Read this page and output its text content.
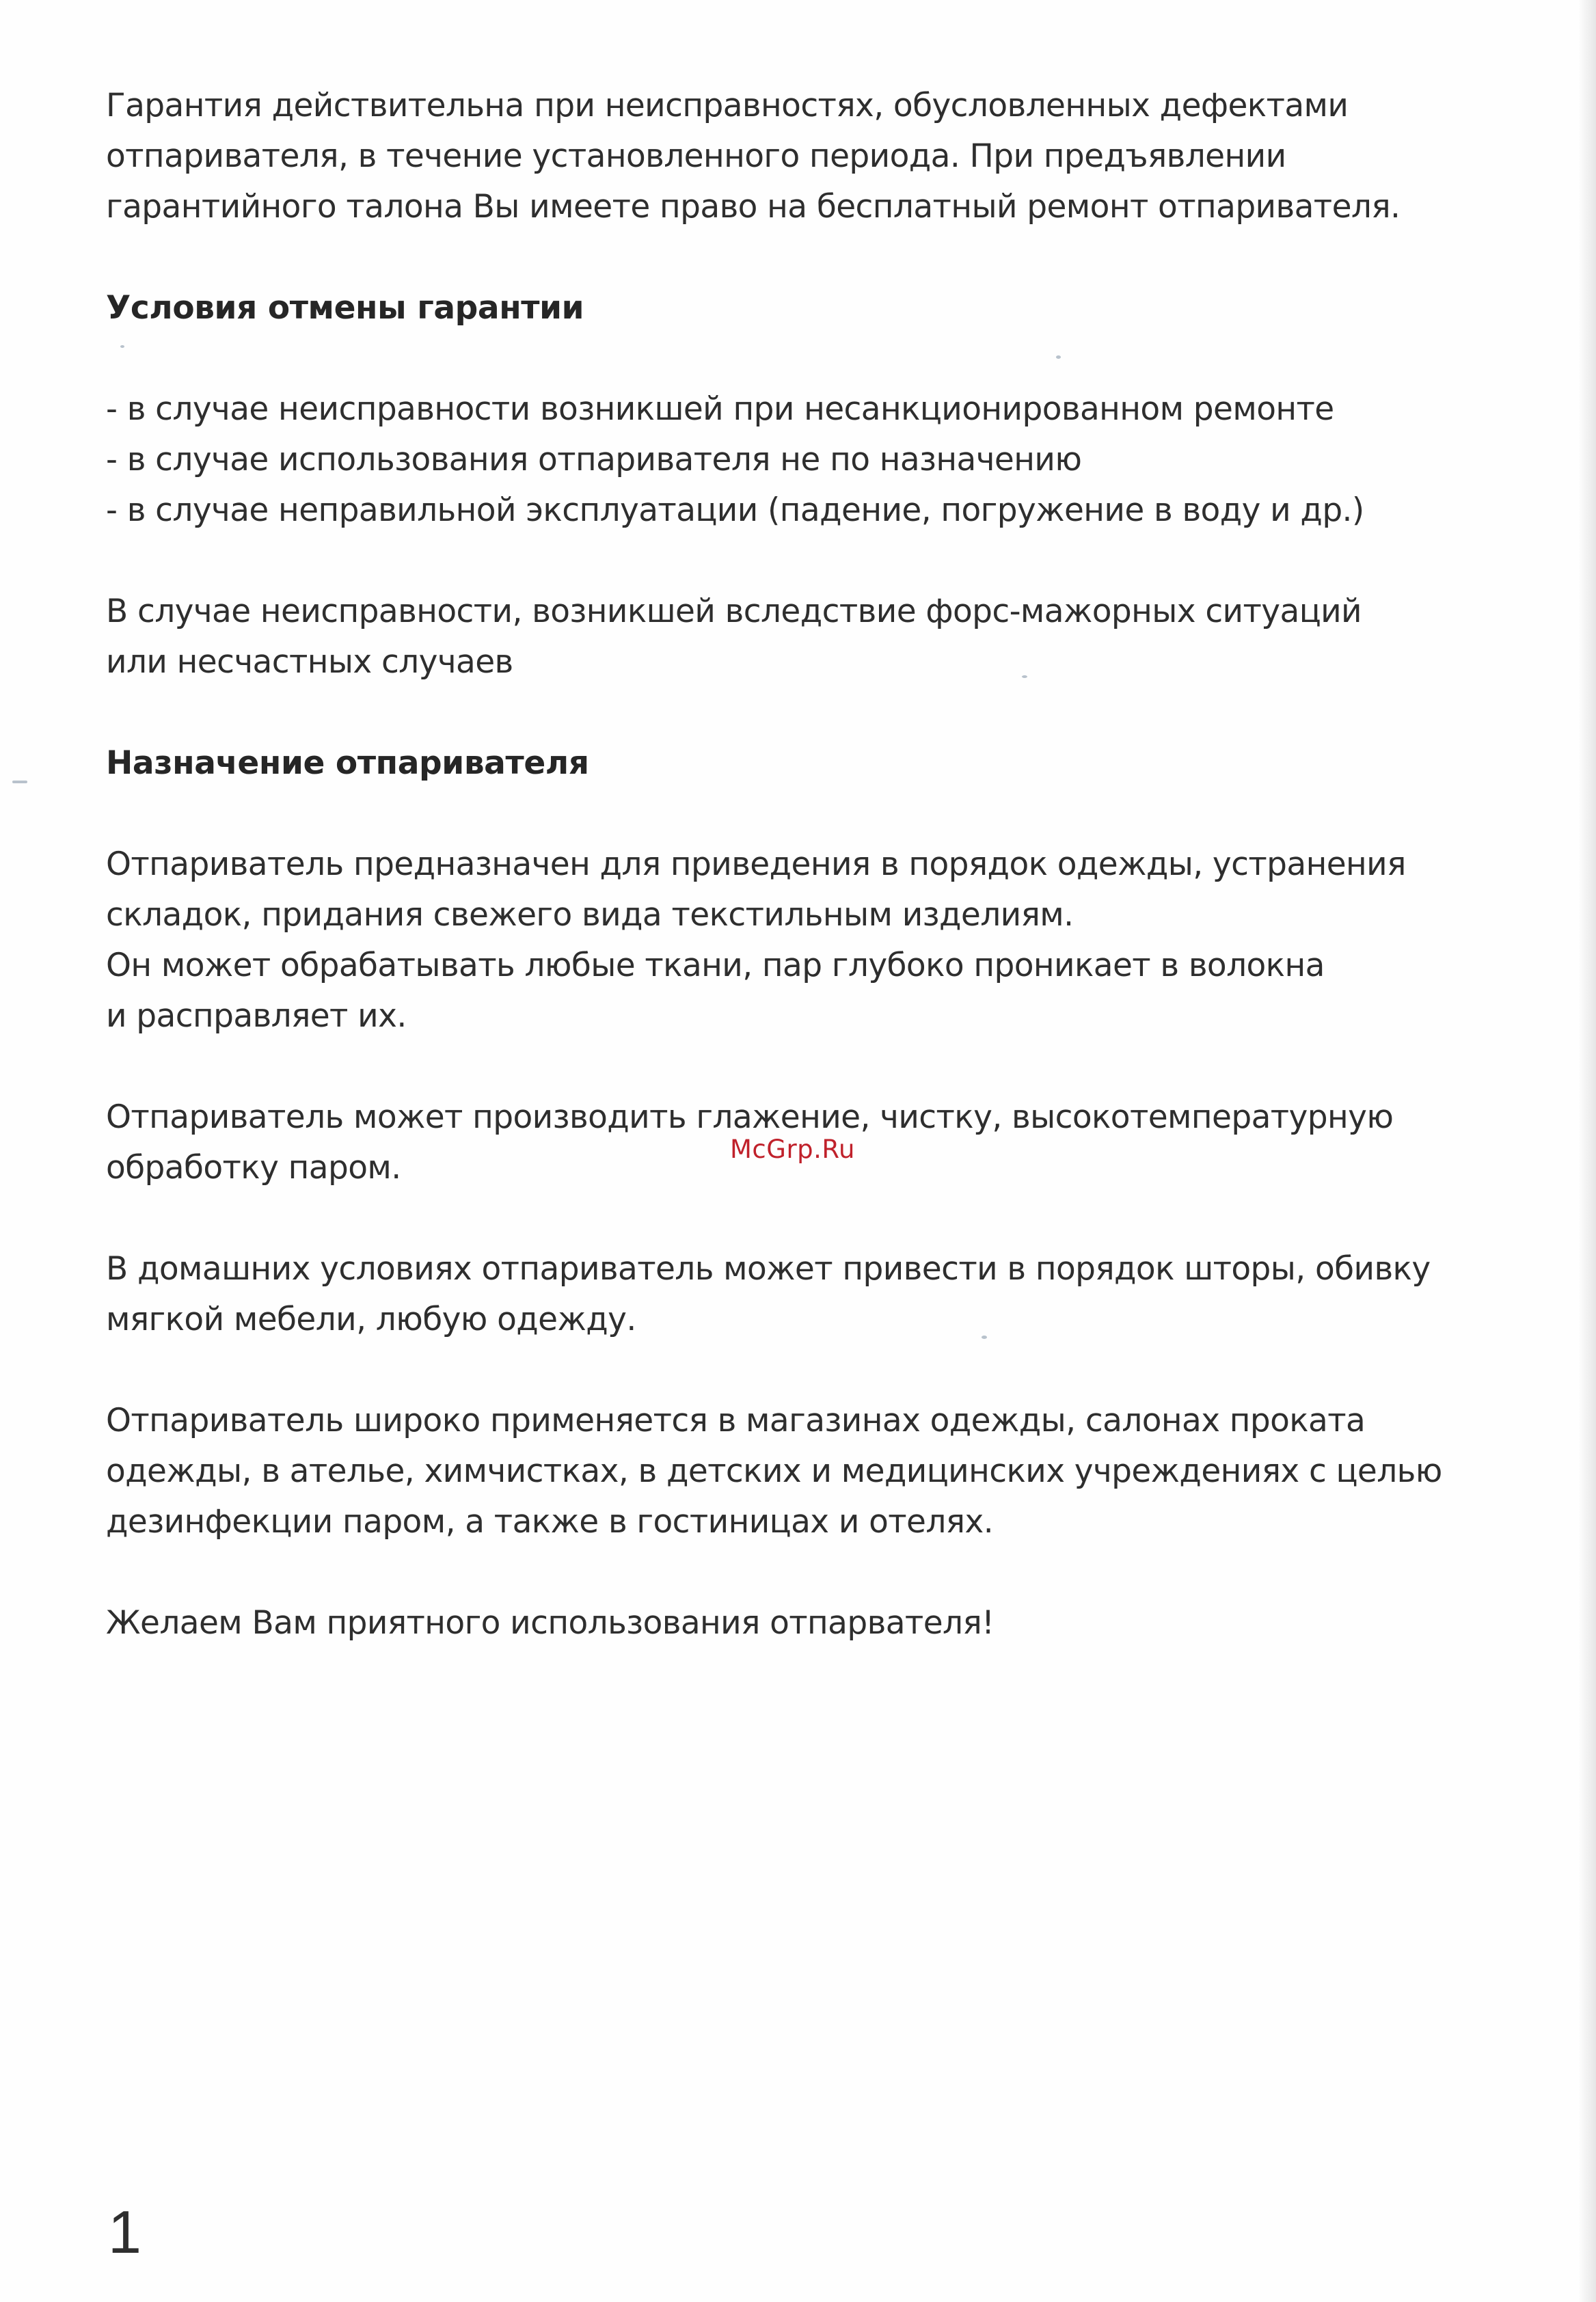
Гарантия действительна при неисправностях, обусловленных дефектами
отпаривателя, в течение установленного периода. При предъявлении
гарантийного талона Вы имеете право на бесплатный ремонт отпаривателя.

Условия отмены гарантии

- в случае неисправности возникшей при несанкционированном ремонте
- в случае использования отпаривателя не по назначению
- в случае неправильной эксплуатации (падение, погружение в воду и др.)

В случае неисправности, возникшей вследствие форс-мажорных ситуаций
или несчастных случаев

Назначение отпаривателя

Отпариватель предназначен для приведения в порядок одежды, устранения
складок, придания свежего вида текстильным изделиям.
Он может обрабатывать любые ткани, пар глубоко проникает в волокна
и расправляет их.

Отпариватель может производить глажение, чистку, высокотемпературную
обработку паром.

В домашних условиях отпариватель может привести в порядок шторы, обивку
мягкой мебели, любую одежду.

Отпариватель широко применяется в магазинах одежды, салонах проката
одежды, в ателье, химчистках, в детских и медицинских учреждениях с целью
дезинфекции паром, а также в гостиницах и отелях.

Желаем Вам приятного использования отпарвателя!

McGrp.Ru
1
